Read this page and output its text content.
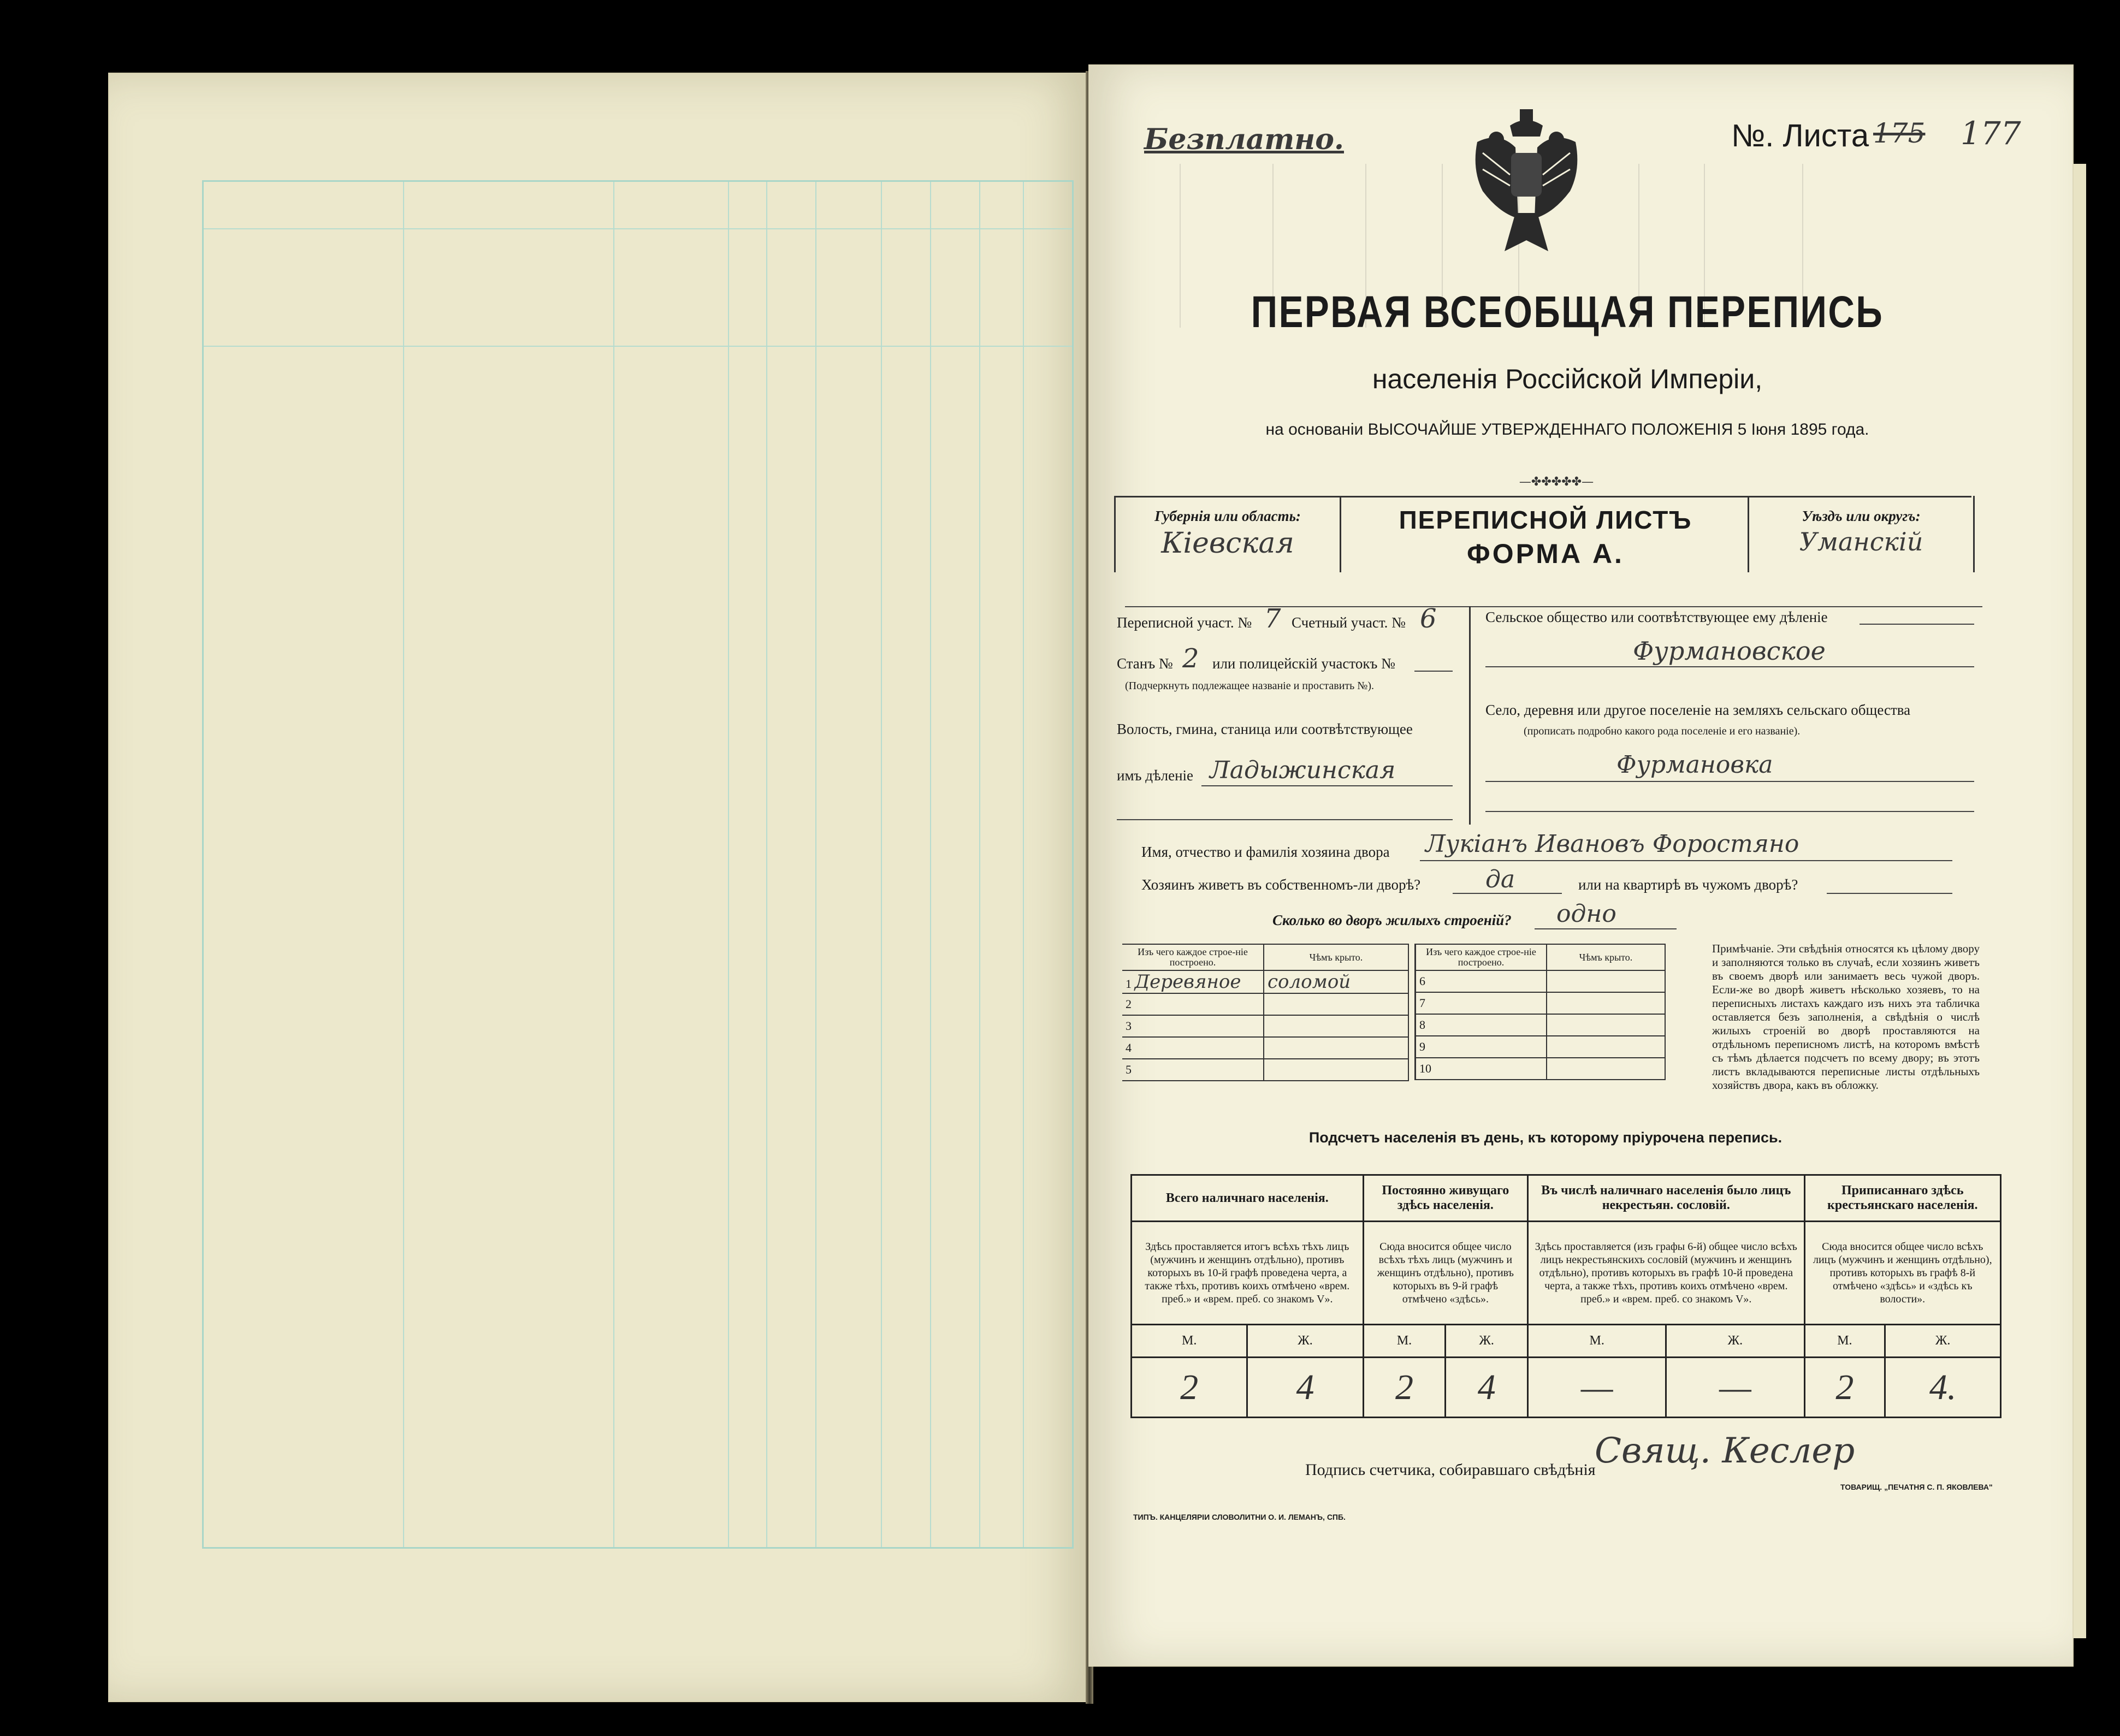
Безплатно.	№. Листа 175 177
ПЕРВАЯ ВСЕОБЩАЯ ПЕРЕПИСЬ
населенія Россійской Имперіи,
на основаніи ВЫСОЧАЙШЕ УТВЕРЖДЕННАГО ПОЛОЖЕНІЯ 5 Іюня 1895 года.
—✤✤✤✤✤—
Губернія или область:
Кіевская
ПЕРЕПИСНОЙ ЛИСТЪ
ФОРМА А.
Уѣздъ или округъ:
Уманскій
Переписной участ. № 7 Счетный участ. № 6
Станъ № 2 или полицейскій участокъ №
(Подчеркнуть подлежащее названіе и проставить №).
Волость, гмина, станица или соотвѣтствующее
имъ дѣленіе Ладыжинская
Сельское общество или соотвѣтствующее ему дѣленіе
Фурмановское
Село, деревня или другое поселеніе на земляхъ сельскаго общества
(прописать подробно какого рода поселеніе и его названіе).
Фурмановка
Имя, отчество и фамилія хозяина двора Лукіанъ Ивановъ Форостяно
Хозяинъ живетъ въ собственномъ-ли дворѣ?	да	или на квартирѣ въ чужомъ дворѣ?
Сколько во дворъ жилыхъ строеній? одно
Изъ чего каждое строе-ніе построено.	Чѣмъ крыто.
1 Деревяное	соломой
2	
3	
4	
5	
Изъ чего каждое строе-ніе построено.	Чѣмъ крыто.
6	
7	
8	
9	
10	
Примѣчаніе. Эти свѣдѣнія относятся къ цѣлому двору и заполняются только въ случаѣ, если хозяинъ живетъ въ своемъ дворѣ или занимаетъ весь чужой дворъ. Если-же во дворѣ живетъ нѣсколько хозяевъ, то на переписныхъ листахъ каждаго изъ нихъ эта табличка оставляется безъ заполненія, а свѣдѣнія о числѣ жилыхъ строеній во дворѣ проставляются на отдѣльномъ переписномъ листѣ, на которомъ вмѣстѣ съ тѣмъ дѣлается подсчетъ по всему двору; въ этотъ листъ вкладываются переписные листы отдѣльныхъ хозяйствъ двора, какъ въ обложку.
Подсчетъ населенія въ день, къ которому пріурочена перепись.
Всего наличнаго населенія.		Постоянно живущаго здѣсь населенія.		Въ числѣ наличнаго населенія было лицъ некрестьян. сословій.		Приписаннаго здѣсь крестьянскаго населенія.	
Здѣсь проставляется итогъ всѣхъ тѣхъ лицъ (мужчинъ и женщинъ отдѣльно), противъ которыхъ въ 10-й графѣ проведена черта, а также тѣхъ, противъ коихъ отмѣчено «врем. преб.» и «врем. преб. со знакомъ V».		Сюда вносится общее число всѣхъ тѣхъ лицъ (мужчинъ и женщинъ отдѣльно), противъ которыхъ въ 9-й графѣ отмѣчено «здѣсь».		Здѣсь проставляется (изъ графы 6-й) общее число всѣхъ лицъ некрестьянскихъ сословій (мужчинъ и женщинъ отдѣльно), противъ которыхъ въ графѣ 10-й проведена черта, а также тѣхъ, противъ коихъ отмѣчено «врем. преб.» и «врем. преб. со знакомъ V».		Сюда вносится общее число всѣхъ лицъ (мужчинъ и женщинъ отдѣльно), противъ которыхъ въ графѣ 8-й отмѣчено «здѣсь» и «здѣсь къ волости».	
М.	Ж.	М.	Ж.	М.	Ж.	М.	Ж.
2	4	2	4	—	—	2	4.
Подпись счетчика, собиравшаго свѣдѣнія
Свящ. Кеслер
ТИПЪ. КАНЦЕЛЯРІИ СЛОВОЛИТНИ О. И. ЛЕМАНЪ, СПБ.
ТОВАРИЩ. „ПЕЧАТНЯ С. П. ЯКОВЛЕВА"
